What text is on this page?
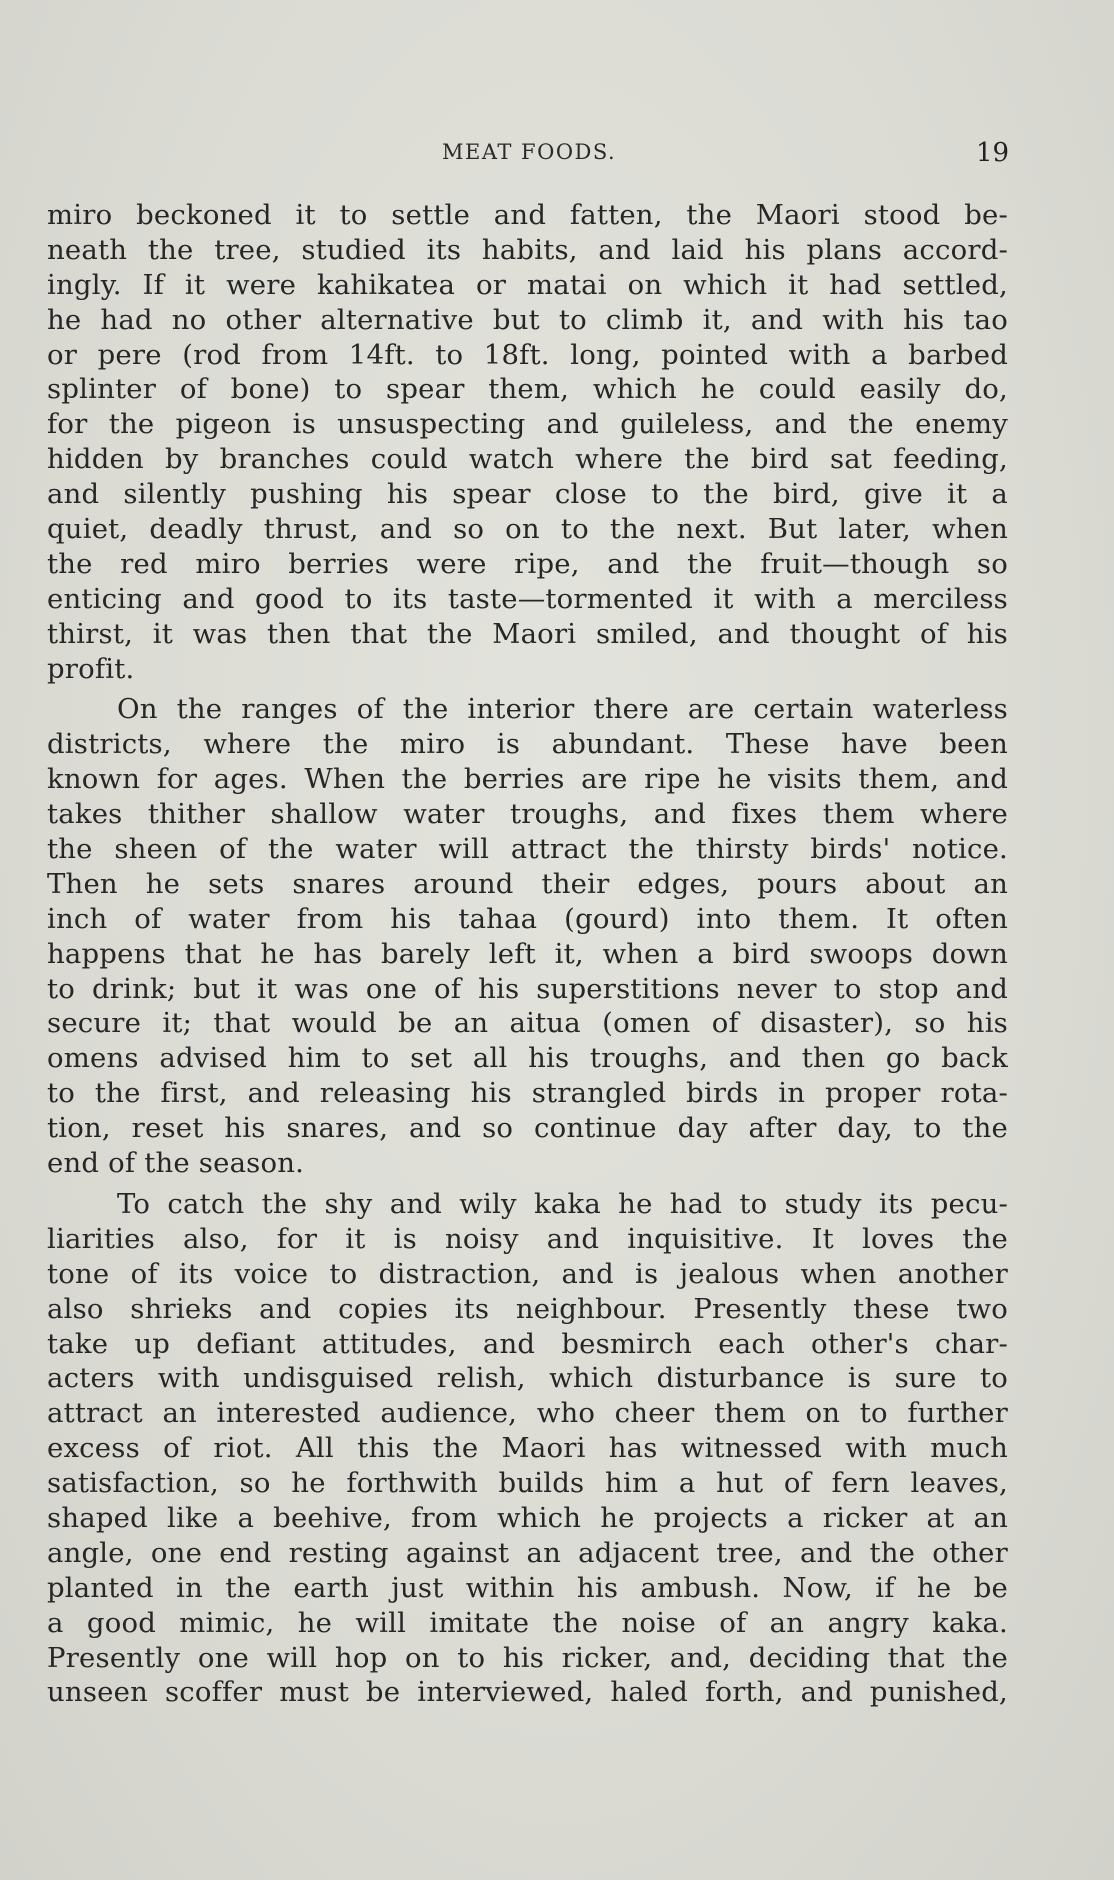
MEAT FOODS.	19
miro beckoned it to settle and fatten, the Maori stood be-
neath the tree, studied its habits, and laid his plans accord-
ingly. If it were kahikatea or matai on which it had settled,
he had no other alternative but to climb it, and with his tao
or pere (rod from 14ft. to 18ft. long, pointed with a barbed
splinter of bone) to spear them, which he could easily do,
for the pigeon is unsuspecting and guileless, and the enemy
hidden by branches could watch where the bird sat feeding,
and silently pushing his spear close to the bird, give it a
quiet, deadly thrust, and so on to the next. But later, when
the red miro berries were ripe, and the fruit—though so
enticing and good to its taste—tormented it with a merciless
thirst, it was then that the Maori smiled, and thought of his
profit.
On the ranges of the interior there are certain waterless
districts, where the miro is abundant. These have been
known for ages. When the berries are ripe he visits them, and
takes thither shallow water troughs, and fixes them where
the sheen of the water will attract the thirsty birds' notice.
Then he sets snares around their edges, pours about an
inch of water from his tahaa (gourd) into them. It often
happens that he has barely left it, when a bird swoops down
to drink; but it was one of his superstitions never to stop and
secure it; that would be an aitua (omen of disaster), so his
omens advised him to set all his troughs, and then go back
to the first, and releasing his strangled birds in proper rota-
tion, reset his snares, and so continue day after day, to the
end of the season.
To catch the shy and wily kaka he had to study its pecu-
liarities also, for it is noisy and inquisitive. It loves the
tone of its voice to distraction, and is jealous when another
also shrieks and copies its neighbour. Presently these two
take up defiant attitudes, and besmirch each other's char-
acters with undisguised relish, which disturbance is sure to
attract an interested audience, who cheer them on to further
excess of riot. All this the Maori has witnessed with much
satisfaction, so he forthwith builds him a hut of fern leaves,
shaped like a beehive, from which he projects a ricker at an
angle, one end resting against an adjacent tree, and the other
planted in the earth just within his ambush. Now, if he be
a good mimic, he will imitate the noise of an angry kaka.
Presently one will hop on to his ricker, and, deciding that the
unseen scoffer must be interviewed, haled forth, and punished,
